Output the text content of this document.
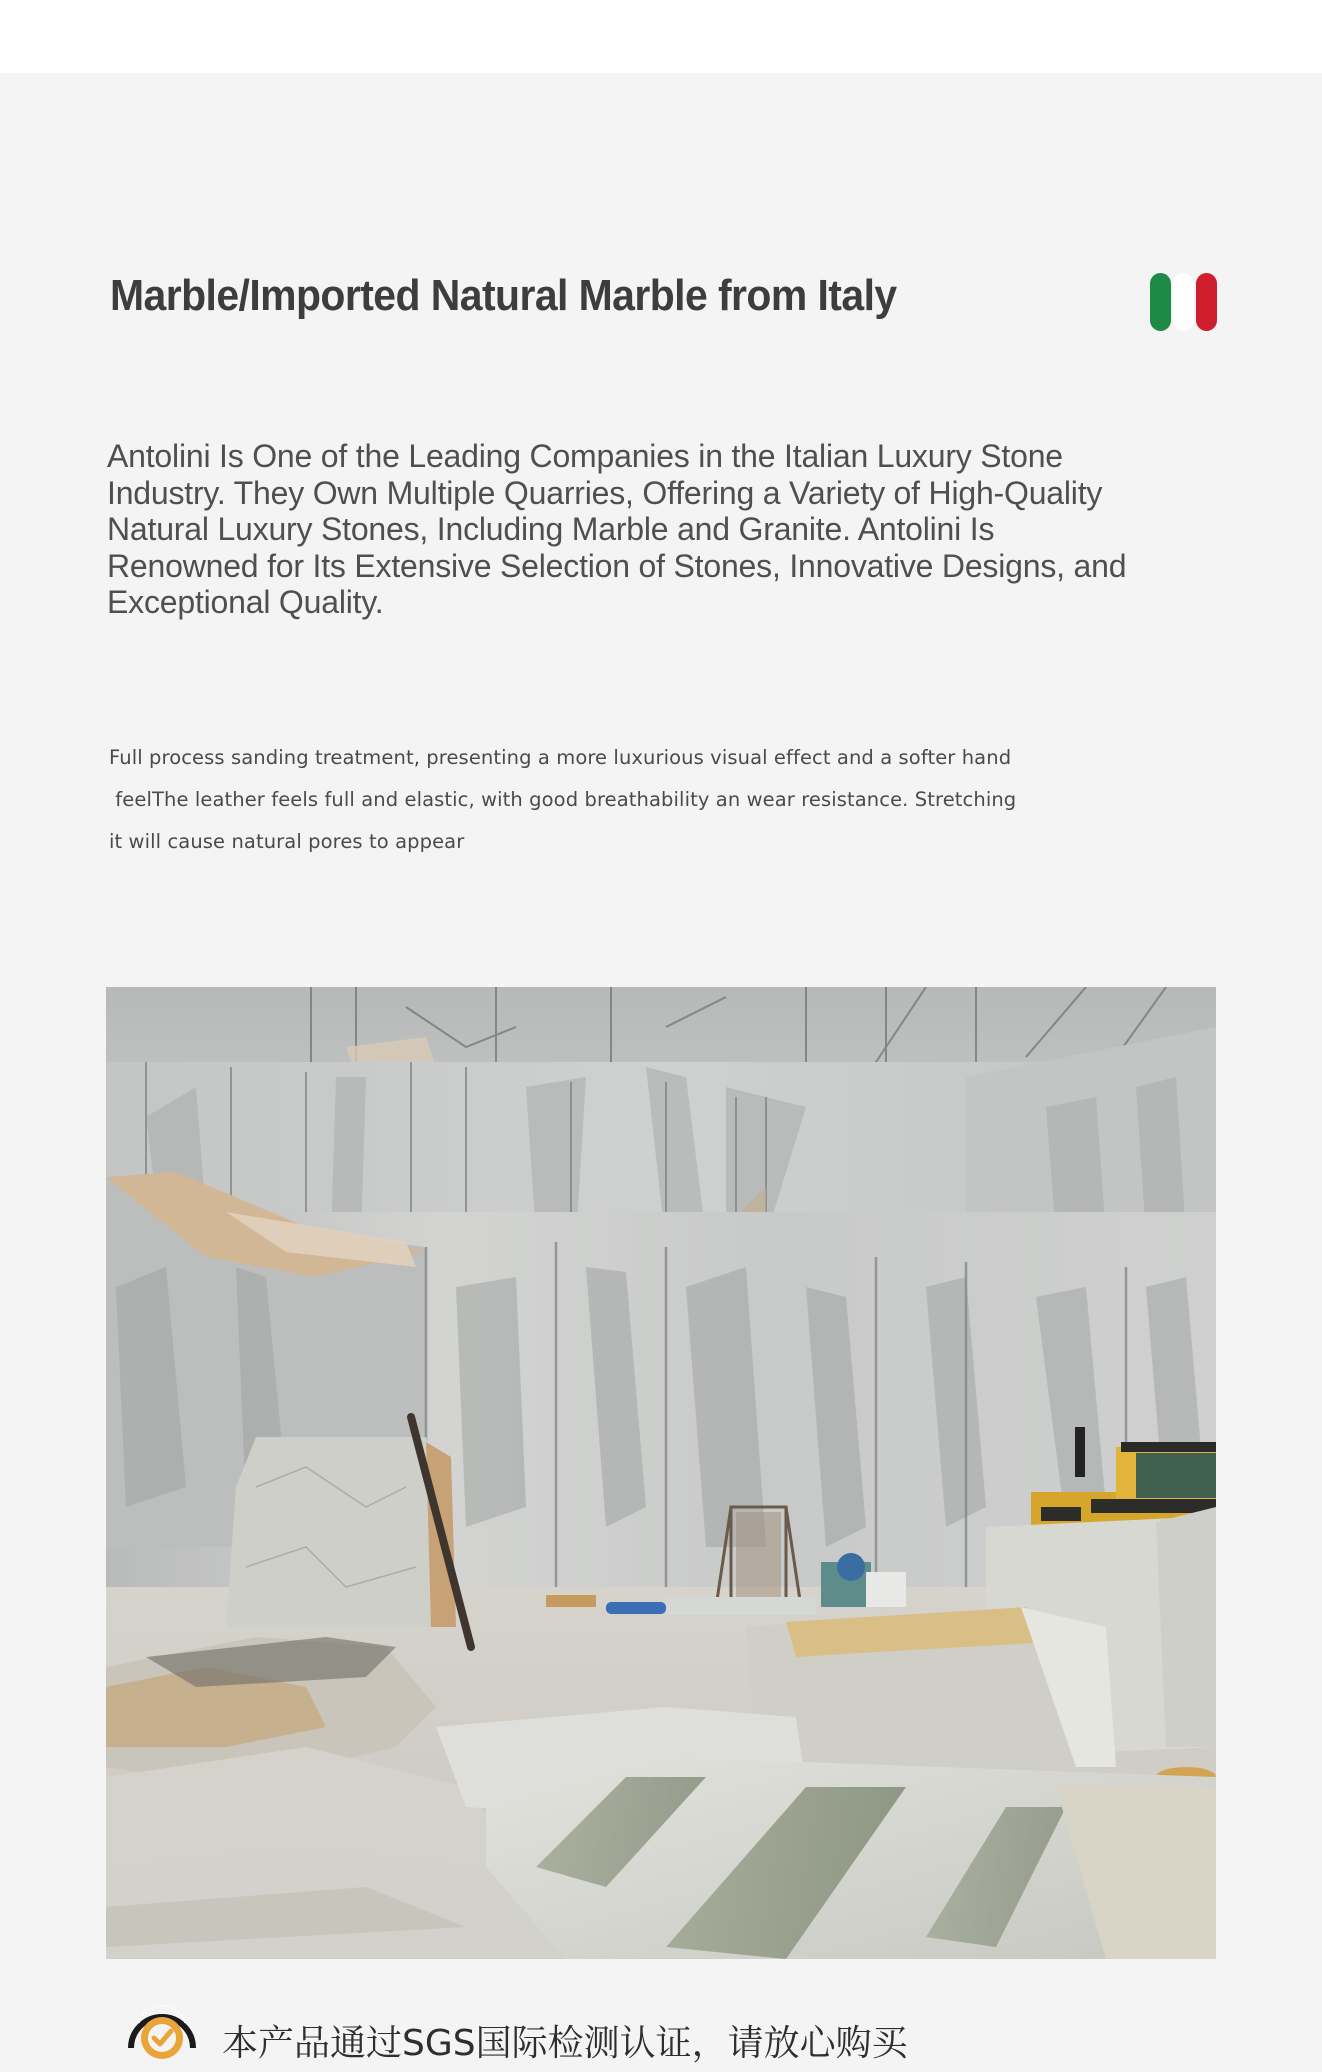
Marble/Imported Natural Marble from Italy

Antolini Is One of the Leading Companies in the Italian Luxury Stone
Industry. They Own Multiple Quarries, Offering a Variety of High-Quality
Natural Luxury Stones, Including Marble and Granite. Antolini Is
Renowned for Its Extensive Selection of Stones, Innovative Designs, and
Exceptional Quality.

Full process sanding treatment, presenting a more luxurious visual effect and a softer hand
feelThe leather feels full and elastic, with good breathability an wear resistance. Stretching
it will cause natural pores to appear

本产品通过SGS国际检测认证，请放心购买
